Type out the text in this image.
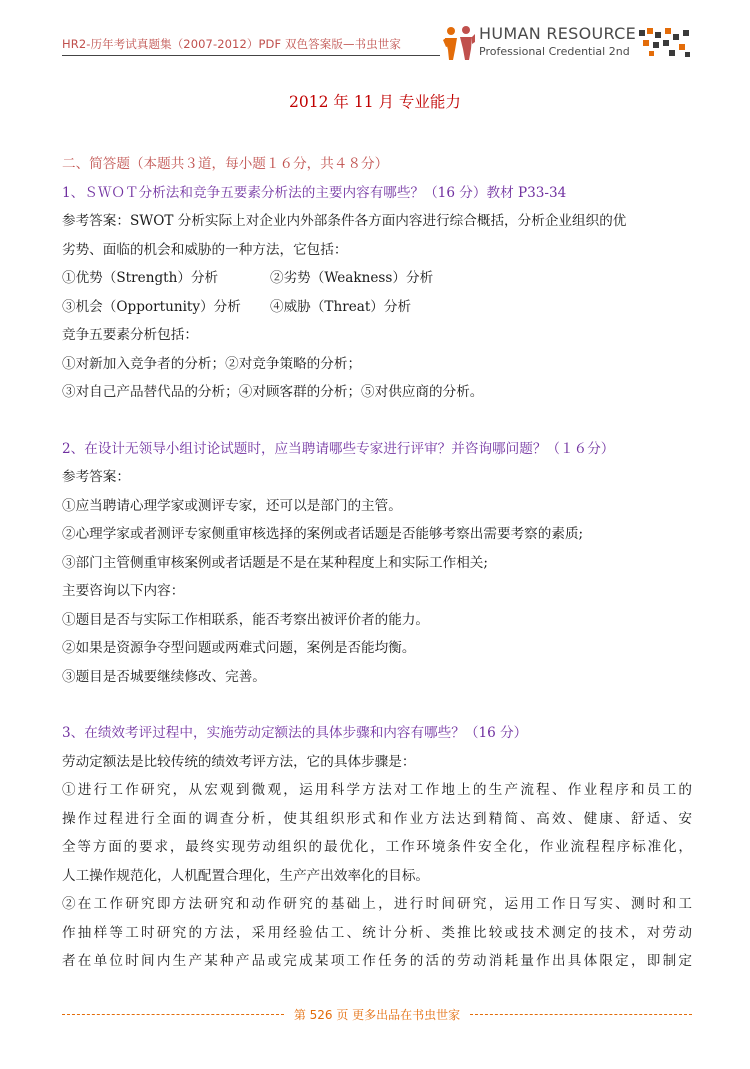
HR2-历年考试真题集（2007-2012）PDF 双色答案版—书虫世家
HUMAN RESOURCE
Professional Credential 2nd
2012 年 11 月 专业能力
二、简答题（本题共３道，每小题１６分，共４８分）
1、ＳＷＯＴ分析法和竞争五要素分析法的主要内容有哪些？（16 分）教材 P33-34
参考答案：SWOT 分析实际上对企业内外部条件各方面内容进行综合概括，分析企业组织的优
劣势、面临的机会和威胁的一种方法，它包括：
①优势（Strength）分析	②劣势（Weakness）分析
③机会（Opportunity）分析 ④威胁（Threat）分析
竞争五要素分析包括：
①对新加入竞争者的分析；②对竞争策略的分析；
③对自己产品替代品的分析；④对顾客群的分析；⑤对供应商的分析。
2、在设计无领导小组讨论试题时，应当聘请哪些专家进行评审？并咨询哪问题？（１６分）
参考答案：
①应当聘请心理学家或测评专家，还可以是部门的主管。
②心理学家或者测评专家侧重审核选择的案例或者话题是否能够考察出需要考察的素质;
③部门主管侧重审核案例或者话题是不是在某种程度上和实际工作相关;
主要咨询以下内容：
①题目是否与实际工作相联系，能否考察出被评价者的能力。
②如果是资源争夺型问题或两难式问题，案例是否能均衡。
③题目是否城要继续修改、完善。
3、在绩效考评过程中，实施劳动定额法的具体步骤和内容有哪些？（16 分）
劳动定额法是比较传统的绩效考评方法，它的具体步骤是：
①进行工作研究，从宏观到微观，运用科学方法对工作地上的生产流程、作业程序和员工的
操作过程进行全面的调查分析，使其组织形式和作业方法达到精简、高效、健康、舒适、安
全等方面的要求，最终实现劳动组织的最优化，工作环境条件安全化，作业流程程序标准化，
人工操作规范化，人机配置合理化，生产产出效率化的目标。
②在工作研究即方法研究和动作研究的基础上，进行时间研究，运用工作日写实、测时和工
作抽样等工时研究的方法，采用经验估工、统计分析、类推比较或技术测定的技术，对劳动
者在单位时间内生产某种产品或完成某项工作任务的活的劳动消耗量作出具体限定，即制定
第 526 页 更多出品在书虫世家
